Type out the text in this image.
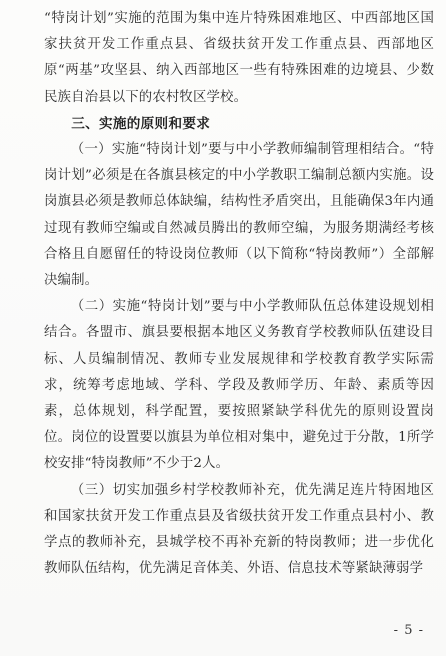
“特岗计划”实施的范围为集中连片特殊困难地区、中西部地区国家扶贫开发工作重点县、省级扶贫开发工作重点县、西部地区原“两基”攻坚县、纳入西部地区一些有特殊困难的边境县、少数民族自治县以下的农村牧区学校。

三、实施的原则和要求

（一）实施“特岗计划”要与中小学教师编制管理相结合。“特岗计划”必须是在各旗县核定的中小学教职工编制总额内实施。设岗旗县必须是教师总体缺编，结构性矛盾突出，且能确保3年内通过现有教师空编或自然减员腾出的教师空编，为服务期满经考核合格且自愿留任的特设岗位教师（以下简称“特岗教师”）全部解决编制。

（二）实施“特岗计划”要与中小学教师队伍总体建设规划相结合。各盟市、旗县要根据本地区义务教育学校教师队伍建设目标、人员编制情况、教师专业发展规律和学校教育教学实际需求，统筹考虑地域、学科、学段及教师学历、年龄、素质等因素，总体规划，科学配置，要按照紧缺学科优先的原则设置岗位。岗位的设置要以旗县为单位相对集中，避免过于分散，1所学校安排“特岗教师”不少于2人。

（三）切实加强乡村学校教师补充，优先满足连片特困地区和国家扶贫开发工作重点县及省级扶贫开发工作重点县村小、教学点的教师补充，县城学校不再补充新的特岗教师；进一步优化教师队伍结构，优先满足音体美、外语、信息技术等紧缺薄弱学

- 5 -
